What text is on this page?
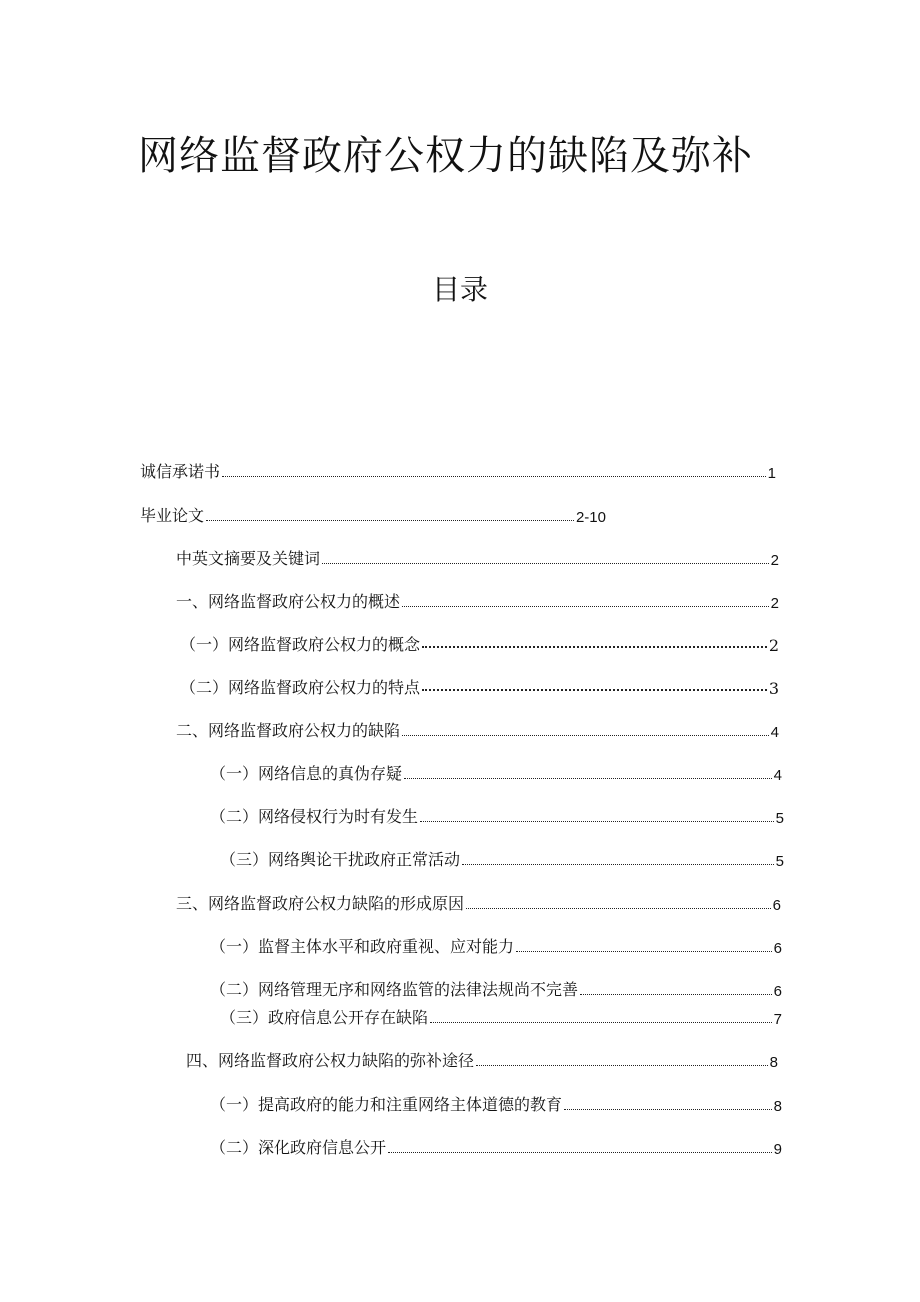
网络监督政府公权力的缺陷及弥补
目录
诚信承诺书	1
毕业论文	2-10
中英文摘要及关键词	2
一、网络监督政府公权力的概述	2
（一）网络监督政府公权力的概念	2
（二）网络监督政府公权力的特点	3
二、网络监督政府公权力的缺陷	4
（一）网络信息的真伪存疑	4
（二）网络侵权行为时有发生	5
（三）网络舆论干扰政府正常活动	5
三、网络监督政府公权力缺陷的形成原因	6
（一）监督主体水平和政府重视、应对能力	6
（二）网络管理无序和网络监管的法律法规尚不完善	6
（三）政府信息公开存在缺陷	7
四、网络监督政府公权力缺陷的弥补途径	8
（一）提高政府的能力和注重网络主体道德的教育	8
（二）深化政府信息公开	9
